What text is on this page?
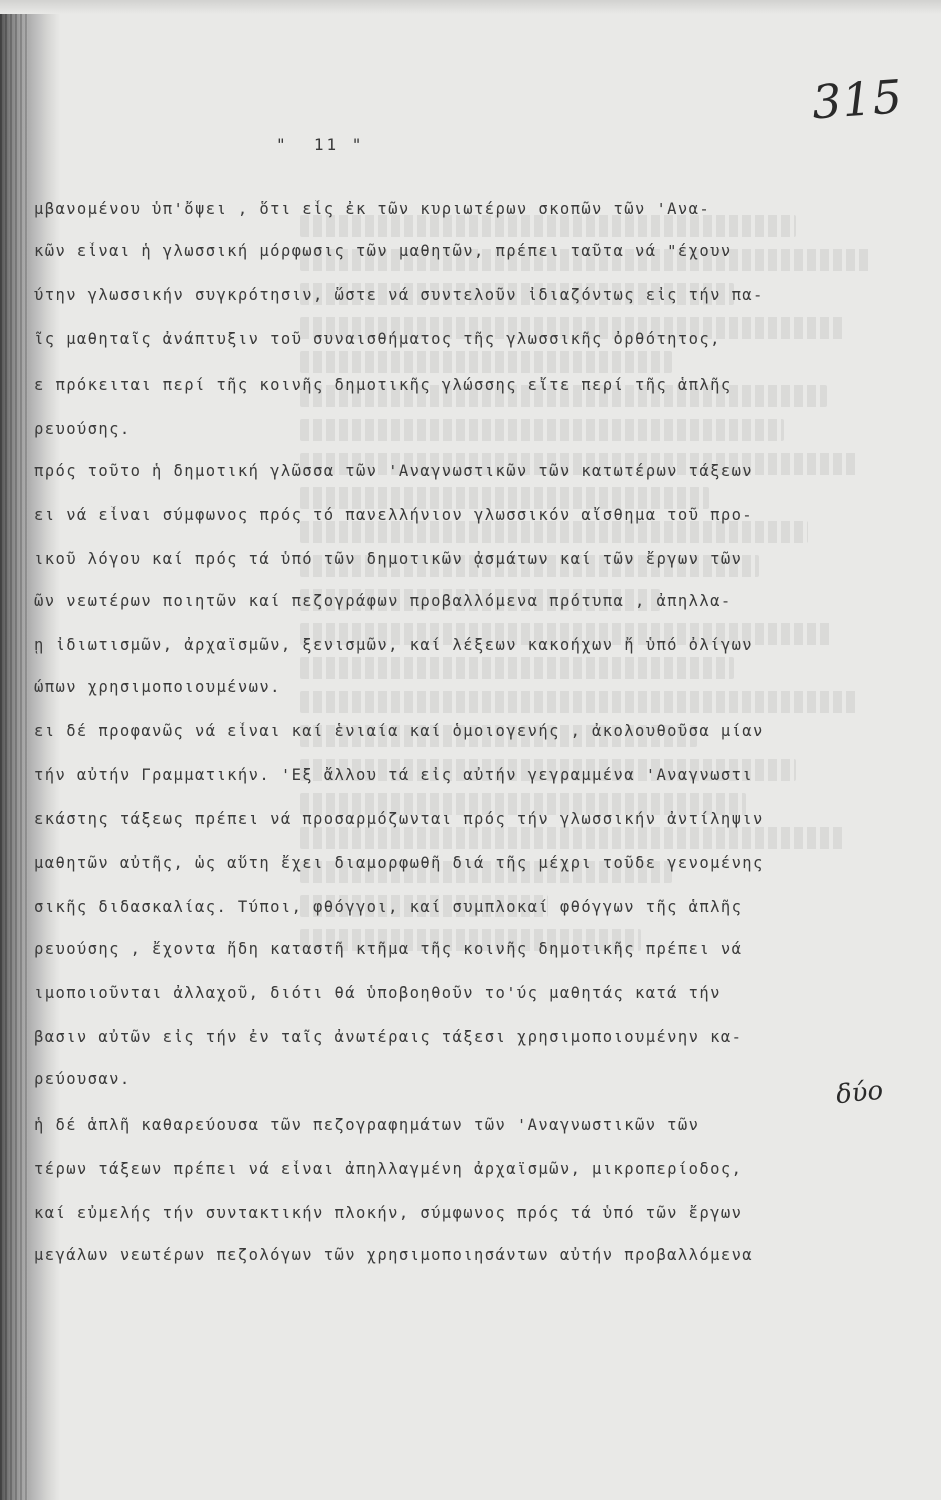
315
"  11 "
μβανομένου ὑπ'ὄψει , ὅτι εἷς ἐκ τῶν κυριωτέρων σκοπῶν τῶν 'Ανα-
κῶν εἶναι ἡ γλωσσική μόρφωσις τῶν μαθητῶν, πρέπει ταῦτα νά "έχουν
ύτην γλωσσικήν συγκρότησιν, ὥστε νά συντελοῦν ἰδιαζόντως εἰς τήν πα-
ῖς μαθηταῖς ἀνάπτυξιν τοῦ συναισθήματος τῆς γλωσσικῆς ὀρθότητος,
ε πρόκειται περί τῆς κοινῆς δημοτικῆς γλώσσης εἴτε περί τῆς ἁπλῆς
ρευούσης.
πρός τοῦτο ἡ δημοτική γλῶσσα τῶν 'Αναγνωστικῶν τῶν κατωτέρων τάξεων
ει νά εἶναι σύμφωνος πρός τό πανελλήνιον γλωσσικόν αἴσθημα τοῦ προ-
ικοῦ λόγου καί πρός τά ὑπό τῶν δημοτικῶν ᾀσμάτων καί τῶν ἔργων τῶν
ῶν νεωτέρων ποιητῶν καί πεζογράφων προβαλλόμενα πρότυπα , ἀπηλλα-
ῃ ἰδιωτισμῶν, ἀρχαϊσμῶν, ξενισμῶν, καί λέξεων κακοήχων ἤ ὑπό ὀλίγων
ώπων χρησιμοποιουμένων.
ει δέ προφανῶς νά εἶναι καί ἑνιαία καί ὁμοιογενής , ἀκολουθοῦσα μίαν
τήν αὐτήν Γραμματικήν. 'Εξ ἄλλου τά εἰς αὐτήν γεγραμμένα 'Αναγνωστι
εκάστης τάξεως πρέπει νά προσαρμόζωνται πρός τήν γλωσσικήν ἀντίληψιν
μαθητῶν αὐτῆς, ὡς αὕτη ἔχει διαμορφωθῆ διά τῆς μέχρι τοῦδε γενομένης
σικῆς διδασκαλίας. Τύποι, φθόγγοι, καί συμπλοκαί φθόγγων τῆς ἁπλῆς
ρευούσης , ἔχοντα ἤδη καταστῆ κτῆμα τῆς κοινῆς δημοτικῆς πρέπει νά
ιμοποιοῦνται ἀλλαχοῦ, διότι θά ὑποβοηθοῦν το'ύς μαθητάς κατά τήν
βασιν αὐτῶν εἰς τήν ἐν ταῖς ἀνωτέραις τάξεσι χρησιμοποιουμένην κα-
ρεύουσαν.
ἡ δέ ἁπλῆ καθαρεύουσα τῶν πεζογραφημάτων τῶν 'Αναγνωστικῶν τῶν
τέρων τάξεων πρέπει νά εἶναι ἀπηλλαγμένη ἀρχαϊσμῶν, μικροπερίοδος,
καί εὐμελής τήν συντακτικήν πλοκήν, σύμφωνος πρός τά ὑπό τῶν ἔργων
μεγάλων νεωτέρων πεζολόγων τῶν χρησιμοποιησάντων αὐτήν προβαλλόμενα
δύο
